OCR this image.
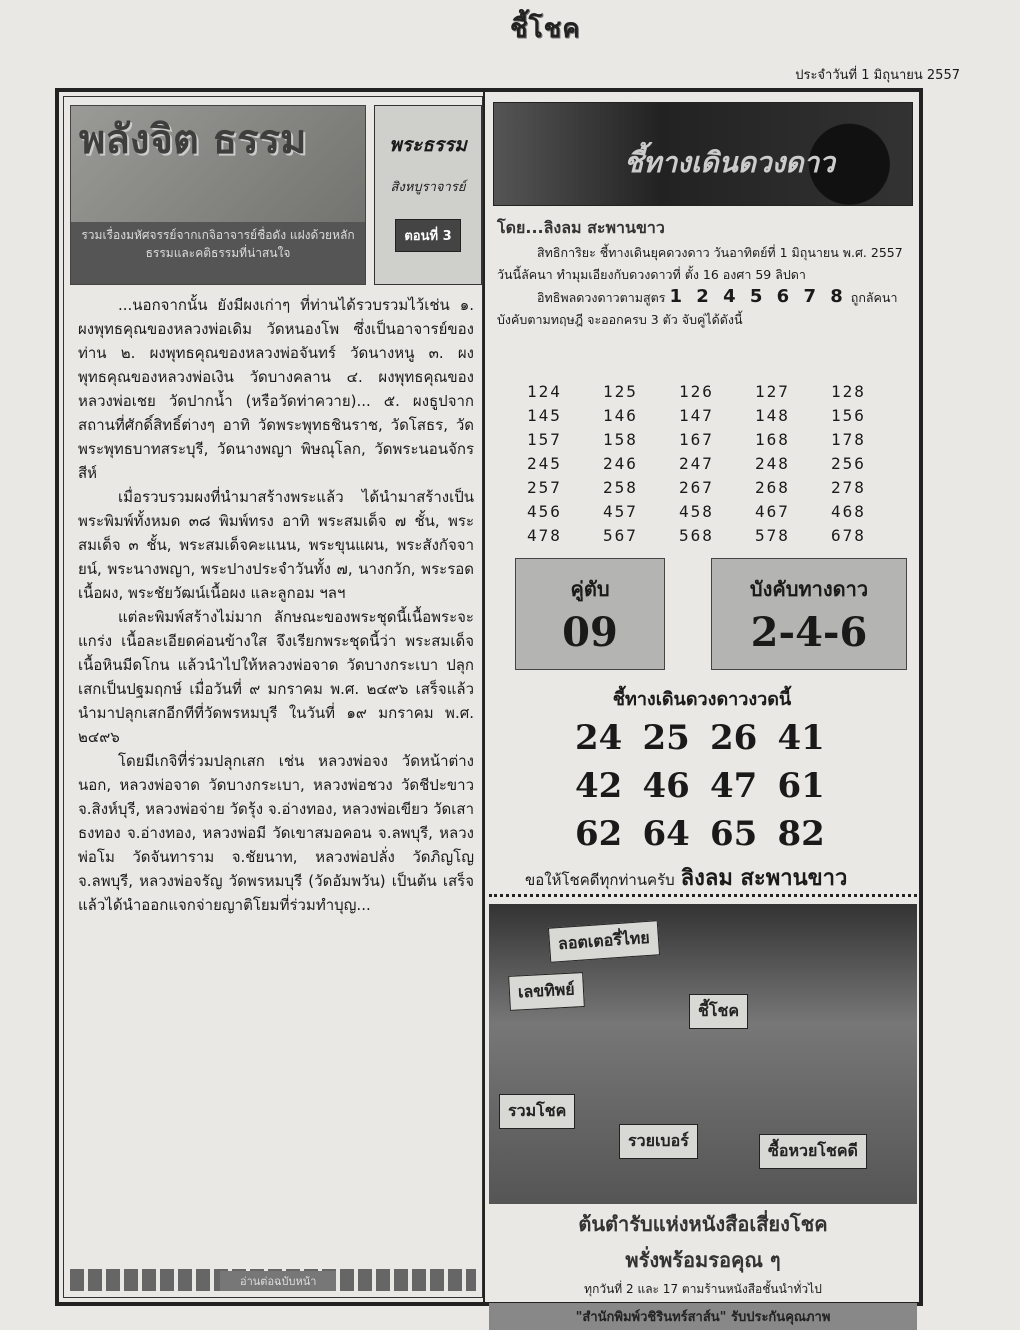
ชี้โชค
ประจำวันที่ 1 มิถุนายน 2557
พลังจิต ธรรม
รวมเรื่องมหัศจรรย์จากเกจิอาจารย์ชื่อดัง แฝงด้วยหลักธรรมและคติธรรมที่น่าสนใจ
พระธรรม
สิงหบูราจารย์
ตอนที่ 3

...นอกจากนั้น ยังมีผงเก่าๆ ที่ท่านได้รวบรวมไว้เช่น ๑. ผงพุทธคุณของหลวงพ่อเดิม วัดหนองโพ ซึ่งเป็นอาจารย์ของท่าน ๒. ผงพุทธคุณของหลวงพ่อจันทร์ วัดนางหนู ๓. ผงพุทธคุณของหลวงพ่อเงิน วัดบางคลาน ๔. ผงพุทธคุณของหลวงพ่อเชย วัดปากน้ำ (หรือวัดท่าควาย)... ๕. ผงธูปจากสถานที่ศักดิ์สิทธิ์ต่างๆ อาทิ วัดพระพุทธชินราช, วัดโสธร, วัดพระพุทธบาทสระบุรี, วัดนางพญา พิษณุโลก, วัดพระนอนจักรสีห์

เมื่อรวบรวมผงที่นำมาสร้างพระแล้ว ได้นำมาสร้างเป็นพระพิมพ์ทั้งหมด ๓๘ พิมพ์ทรง อาทิ พระสมเด็จ ๗ ชั้น, พระสมเด็จ ๓ ชั้น, พระสมเด็จคะแนน, พระขุนแผน, พระสังกัจจายน์, พระนางพญา, พระปางประจำวันทั้ง ๗, นางกวัก, พระรอดเนื้อผง, พระชัยวัฒน์เนื้อผง และลูกอม ฯลฯ

แต่ละพิมพ์สร้างไม่มาก ลักษณะของพระชุดนี้เนื้อพระจะแกร่ง เนื้อละเอียดค่อนข้างใส จึงเรียกพระชุดนี้ว่า พระสมเด็จเนื้อหินมีดโกน แล้วนำไปให้หลวงพ่อจาด วัดบางกระเบา ปลุกเสกเป็นปฐมฤกษ์ เมื่อวันที่ ๙ มกราคม พ.ศ. ๒๔๙๖ เสร็จแล้ว นำมาปลุกเสกอีกทีที่วัดพรหมบุรี ในวันที่ ๑๙ มกราคม พ.ศ. ๒๔๙๖

โดยมีเกจิที่ร่วมปลุกเสก เช่น หลวงพ่อจง วัดหน้าต่างนอก, หลวงพ่อจาด วัดบางกระเบา, หลวงพ่อชวง วัดชีปะขาว จ.สิงห์บุรี, หลวงพ่อจ่าย วัดรุ้ง จ.อ่างทอง, หลวงพ่อเขียว วัดเสาธงทอง จ.อ่างทอง, หลวงพ่อมี วัดเขาสมอคอน จ.ลพบุรี, หลวงพ่อโม วัดจันทาราม จ.ชัยนาท, หลวงพ่อปลั่ง วัดภิญโญ จ.ลพบุรี, หลวงพ่อจรัญ วัดพรหมบุรี (วัดอัมพวัน) เป็นต้น เสร็จแล้วได้นำออกแจกจ่ายญาติโยมที่ร่วมทำบุญ...

อ่านต่อฉบับหน้า
ชี้ทางเดินดวงดาว
โดย...ลิงลม สะพานขาว
สิทธิการิยะ ชี้ทางเดินยุคดวงดาว วันอาทิตย์ที่ 1 มิถุนายน พ.ศ. 2557 วันนี้ลัคนา ทำมุมเอียงกับดวงดาวที่ ตั้ง 16 องศา 59 ลิปดา
อิทธิพลดวงดาวตามสูตร 1 2 4 5 6 7 8 ถูกลัคนาบังคับตามทฤษฎี จะออกครบ 3 ตัว จับคู่ได้ดังนี้
124	125	126	127	128
145	146	147	148	156
157	158	167	168	178
245	246	247	248	256
257	258	267	268	278
456	457	458	467	468
478	567	568	578	678
คู่ตับ
09
บังคับทางดาว
2-4-6
ชี้ทางเดินดวงดาวงวดนี้
24 25 26 41
42 46 47 61
62 64 65 82
ขอให้โชคดีทุกท่านครับ ลิงลม สะพานขาว
ลอตเตอรี่ไทย
เลขทิพย์
ชี้โชค
รวมโชค
รวยเบอร์
ซื้อหวยโชคดี
ต้นตำรับแห่งหนังสือเสี่ยงโชค
พรั่งพร้อมรอคุณ ๆ
ทุกวันที่ 2 และ 17 ตามร้านหนังสือชั้นนำทั่วไป
"สำนักพิมพ์วชิรินทร์สาส์น" รับประกันคุณภาพ
